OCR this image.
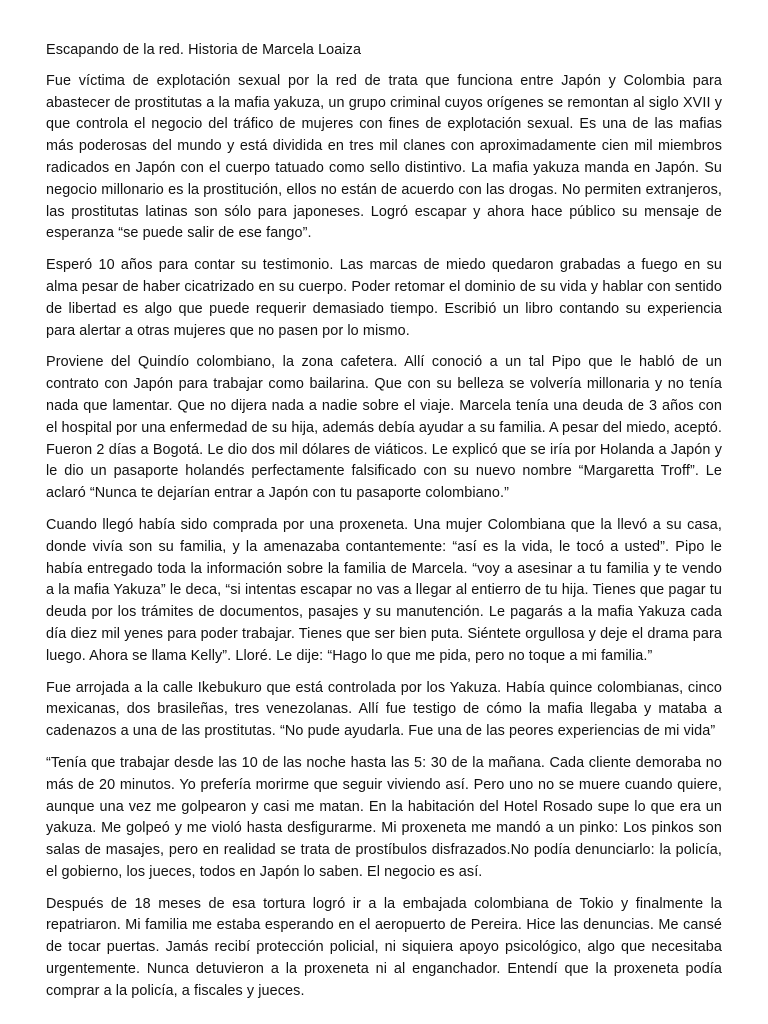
Escapando de la red. Historia de Marcela Loaiza

Fue víctima de explotación sexual por la red de trata que funciona entre Japón y Colombia para abastecer de prostitutas a la mafia yakuza, un grupo criminal cuyos orígenes se remontan al siglo XVII y que controla el negocio del tráfico de mujeres con fines de explotación sexual. Es una de las mafias más poderosas del mundo y está dividida en tres mil clanes con aproximadamente cien mil miembros radicados en Japón con el cuerpo tatuado como sello distintivo. La mafia yakuza manda en Japón. Su negocio millonario es la prostitución, ellos no están de acuerdo con las drogas. No permiten extranjeros, las prostitutas latinas son sólo para japoneses. Logró escapar y ahora hace público su mensaje de esperanza “se puede salir de ese fango”.

Esperó 10 años para contar su testimonio. Las marcas de miedo quedaron grabadas a fuego en su alma pesar de haber cicatrizado en su cuerpo. Poder retomar el dominio de su vida y hablar con sentido de libertad es algo que puede requerir demasiado tiempo. Escribió un libro contando su experiencia para alertar a otras mujeres que no pasen por lo mismo.

Proviene del Quindío colombiano, la zona cafetera. Allí conoció a un tal Pipo que le habló de un contrato con Japón para trabajar como bailarina. Que con su belleza se volvería millonaria y no tenía nada que lamentar. Que no dijera nada a nadie sobre el viaje. Marcela tenía una deuda de 3 años con el hospital por una enfermedad de su hija, además debía ayudar a su familia. A pesar del miedo, aceptó. Fueron 2 días a Bogotá. Le dio dos mil dólares de viáticos. Le explicó que se iría por Holanda a Japón y le dio un pasaporte holandés perfectamente falsificado con su nuevo nombre “Margaretta Troff”. Le aclaró “Nunca te dejarían entrar a Japón con tu pasaporte colombiano.”

Cuando llegó había sido comprada por una proxeneta. Una mujer Colombiana que la llevó a su casa, donde vivía son su familia, y la amenazaba contantemente: “así es la vida, le tocó a usted”. Pipo le había entregado toda la información sobre la familia de Marcela. “voy a asesinar a tu familia y te vendo a la mafia Yakuza” le deca, “si intentas escapar no vas a llegar al entierro de tu hija. Tienes que pagar tu deuda por los trámites de documentos, pasajes y su manutención. Le pagarás a la mafia Yakuza cada día diez mil yenes para poder trabajar. Tienes que ser bien puta. Siéntete orgullosa y deje el drama para luego. Ahora se llama Kelly”. Lloré. Le dije: “Hago lo que me pida, pero no toque a mi familia.”

Fue arrojada a la calle Ikebukuro que está controlada por los Yakuza. Había quince colombianas, cinco mexicanas, dos brasileñas, tres venezolanas. Allí fue testigo de cómo la mafia llegaba y mataba a cadenazos a una de las prostitutas. “No pude ayudarla. Fue una de las peores experiencias de mi vida”

“Tenía que trabajar desde las 10 de las noche hasta las 5: 30 de la mañana. Cada cliente demoraba no más de 20 minutos. Yo prefería morirme que seguir viviendo así. Pero uno no se muere cuando quiere, aunque una vez me golpearon y casi me matan. En la habitación del Hotel Rosado supe lo que era un yakuza. Me golpeó y me violó hasta desfigurarme. Mi proxeneta me mandó a un pinko: Los pinkos son salas de masajes, pero en realidad se trata de prostíbulos disfrazados.No podía denunciarlo: la policía, el gobierno, los jueces, todos en Japón lo saben. El negocio es así.

Después de 18 meses de esa tortura logró ir a la embajada colombiana de Tokio y finalmente la repatriaron. Mi familia me estaba esperando en el aeropuerto de Pereira. Hice las denuncias. Me cansé de tocar puertas. Jamás recibí protección policial, ni siquiera apoyo psicológico, algo que necesitaba urgentemente. Nunca detuvieron a la proxeneta ni al enganchador. Entendí que la proxeneta podía comprar a la policía, a fiscales y jueces.
